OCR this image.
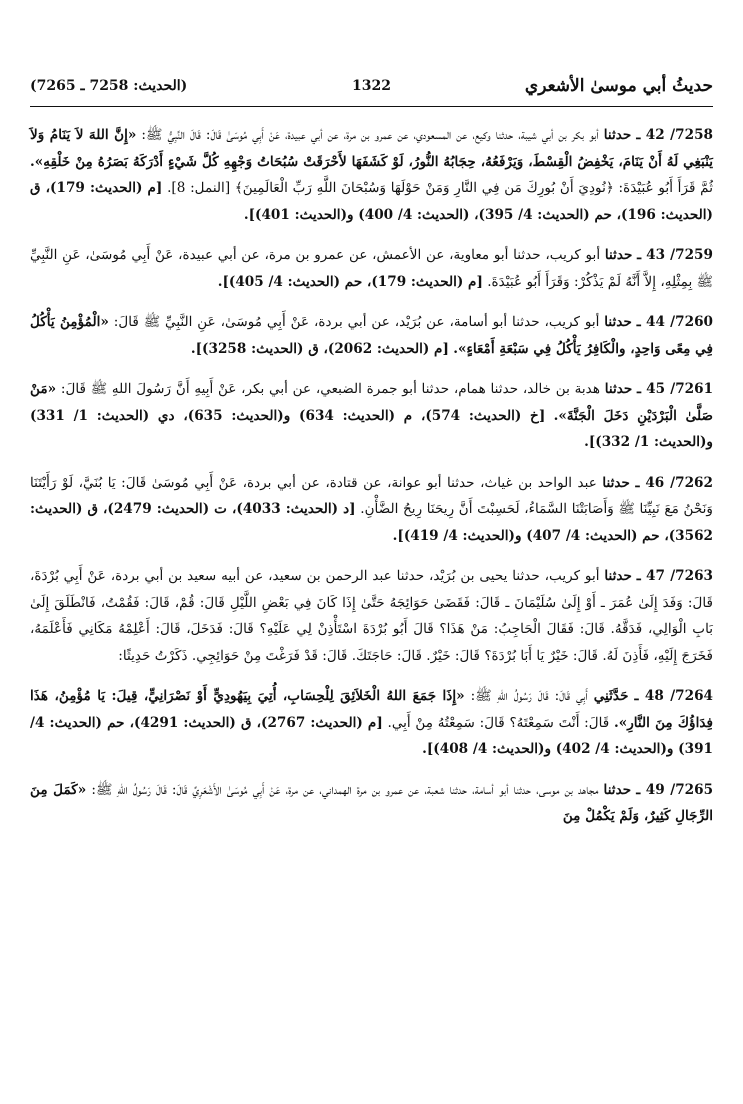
(الحديث: 7258 ـ 7265)	1322	حديثُ أبي موسىٰ الأشعري

7258/ 42 ـ حدثنا أبو بكر بن أبي شيبة، حدثنا وكيع، عن المسعودي، عن عمرو بن مرة، عن أبي عبيدة، عَنْ أَبِي مُوسَىٰ قَالَ: قَالَ النَّبِيُّ ﷺ: «إِنَّ اللهَ لاَ يَنَامُ وَلاَ يَنْبَغِي لَهُ أَنْ يَنَامَ، يَخْفِضُ الْقِسْطَ، وَيَرْفَعُهُ، حِجَابُهُ النُّورُ، لَوْ كَشَفَهَا لأَحْرَقَتْ سُبُحَاتُ وَجْهِهِ كُلَّ شَيْءٍ أَدْرَكَهُ بَصَرُهُ مِنْ خَلْقِهِ». ثُمَّ قَرَأَ أَبُو عُبَيْدَةَ: ﴿نُودِيَ أَنْ بُورِكَ مَن فِي النَّارِ وَمَنْ حَوْلَهَا وَسُبْحَانَ اللَّهِ رَبِّ الْعَالَمِينَ﴾ [النمل: 8]. [م (الحديث: 179)، ق (الحديث: 196)، حم (الحديث: 4/ 395)، (الحديث: 4/ 400) و(الحديث: 401)].

7259/ 43 ـ حدثنا أبو كريب، حدثنا أبو معاوية، عن الأعمش، عن عمرو بن مرة، عن أبي عبيدة، عَنْ أَبِي مُوسَىٰ، عَنِ النَّبِيِّ ﷺ بِمِثْلِهِ، إِلاَّ أَنَّهُ لَمْ يَذْكُرْ: وَقَرَأَ أَبُو عُبَيْدَةَ. [م (الحديث: 179)، حم (الحديث: 4/ 405)].

7260/ 44 ـ حدثنا أبو كريب، حدثنا أبو أسامة، عن بُرَيْد، عن أبي بردة، عَنْ أَبِي مُوسَىٰ، عَنِ النَّبِيِّ ﷺ قَالَ: «الْمُؤْمِنُ يَأْكُلُ فِي مِعًى وَاحِدٍ، والْكَافِرُ يَأْكُلُ فِي سَبْعَةِ أَمْعَاءٍ». [م (الحديث: 2062)، ق (الحديث: 3258)].

7261/ 45 ـ حدثنا هدبة بن خالد، حدثنا همام، حدثنا أبو جمرة الضبعي، عن أبي بكر، عَنْ أَبِيهِ أَنَّ رَسُولَ اللهِ ﷺ قَالَ: «مَنْ صَلَّىٰ الْبَرْدَيْنِ دَخَلَ الْجَنَّةَ». [خ (الحديث: 574)، م (الحديث: 634) و(الحديث: 635)، دي (الحديث: 1/ 331) و(الحديث: 1/ 332)].

7262/ 46 ـ حدثنا عبد الواحد بن غياث، حدثنا أبو عوانة، عن قتادة، عن أبي بردة، عَنْ أَبِي مُوسَىٰ قَالَ: يَا بُنَيَّ، لَوْ رَأَيْتَنَا وَنَحْنُ مَعَ نَبِيِّنَا ﷺ وَأَصَابَتْنَا السَّمَاءُ، لَحَسِبْتَ أَنَّ رِيحَنَا رِيحُ الضَّأْنِ. [د (الحديث: 4033)، ت (الحديث: 2479)، ق (الحديث: 3562)، حم (الحديث: 4/ 407) و(الحديث: 4/ 419)].

7263/ 47 ـ حدثنا أبو كريب، حدثنا يحيى بن بُرَيْد، حدثنا عبد الرحمن بن سعيد، عن أبيه سعيد بن أبي بردة، عَنْ أَبِي بُرْدَةَ، قَالَ: وَفَدَ إِلَىٰ عُمَرَ ـ أَوْ إِلَىٰ سُلَيْمَانَ ـ قَالَ: فَقَضَىٰ حَوَائِجَهُ حَتَّىٰ إِذَا كَانَ فِي بَعْضِ اللَّيْلِ قَالَ: قُمْ، قَالَ: فَقُمْتُ، فَانْطَلَقَ إِلَىٰ بَابِ الْوَالِي، فَدَقَّهُ. قَالَ: فَقَالَ الْحَاجِبُ: مَنْ هَذَا؟ قَالَ أَبُو بُرْدَةَ اسْتَأْذِنْ لِي عَلَيْهِ؟ قَالَ: فَدَخَلَ، قَالَ: أَعْلِمْهُ مَكَانِي فَأَعْلَمَهُ، فَخَرَجَ إِلَيْهِ، فَأَذِنَ لَهُ. قَالَ: خَيْرٌ يَا أَبَا بُرْدَةَ؟ قَالَ: خَيْرٌ. قَالَ: حَاجَتَكَ. قَالَ: قَدْ فَرَغْتَ مِنْ حَوَائِجِي. ذَكَرْتُ حَدِيثًا:

7264/ 48 ـ حَدَّثَنِي أَبِي قَالَ: قَالَ رَسُولُ اللهِ ﷺ: «إِذَا جَمَعَ اللهُ الْخَلاَئِقَ لِلْحِسَابِ، أُتِيَ بِيَهُودِيٍّ أَوْ نَصْرَانِيٍّ، قِيلَ: يَا مُؤْمِنُ، هَذَا فِدَاؤُكَ مِنَ النَّارِ». قَالَ: أَنْتَ سَمِعْتَهُ؟ قَالَ: سَمِعْتُهُ مِنْ أَبِي. [م (الحديث: 2767)، ق (الحديث: 4291)، حم (الحديث: 4/ 391) و(الحديث: 4/ 402) و(الحديث: 4/ 408)].

7265/ 49 ـ حدثنا مجاهد بن موسى، حدثنا أبو أسامة، حدثنا شعبة، عن عمرو بن مرة الهمداني، عن مرة، عَنْ أَبِي مُوسَىٰ الأَشْعَرِيِّ قَالَ: قَالَ رَسُولُ اللهِ ﷺ: «كَمَلَ مِنَ الرِّجَالِ كَثِيرٌ، وَلَمْ يَكْمُلْ مِنَ
